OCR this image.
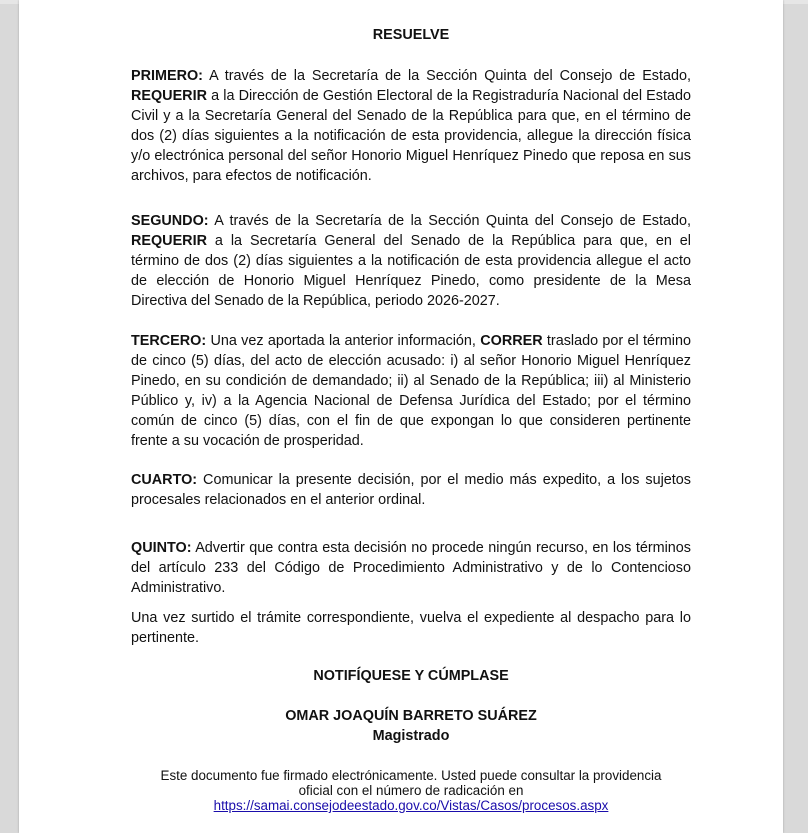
RESUELVE

PRIMERO: A través de la Secretaría de la Sección Quinta del Consejo de Estado, REQUERIR a la Dirección de Gestión Electoral de la Registraduría Nacional del Estado Civil y a la Secretaría General del Senado de la República para que, en el término de dos (2) días siguientes a la notificación de esta providencia, allegue la dirección física y/o electrónica personal del señor Honorio Miguel Henríquez Pinedo que reposa en sus archivos, para efectos de notificación.

SEGUNDO: A través de la Secretaría de la Sección Quinta del Consejo de Estado, REQUERIR a la Secretaría General del Senado de la República para que, en el término de dos (2) días siguientes a la notificación de esta providencia allegue el acto de elección de Honorio Miguel Henríquez Pinedo, como presidente de la Mesa Directiva del Senado de la República, periodo 2026-2027.

TERCERO: Una vez aportada la anterior información, CORRER traslado por el término de cinco (5) días, del acto de elección acusado: i) al señor Honorio Miguel Henríquez Pinedo, en su condición de demandado; ii) al Senado de la República; iii) al Ministerio Público y, iv) a la Agencia Nacional de Defensa Jurídica del Estado; por el término común de cinco (5) días, con el fin de que expongan lo que consideren pertinente frente a su vocación de prosperidad.

CUARTO: Comunicar la presente decisión, por el medio más expedito, a los sujetos procesales relacionados en el anterior ordinal.

QUINTO: Advertir que contra esta decisión no procede ningún recurso, en los términos del artículo 233 del Código de Procedimiento Administrativo y de lo Contencioso Administrativo.

Una vez surtido el trámite correspondiente, vuelva el expediente al despacho para lo pertinente.

NOTIFÍQUESE Y CÚMPLASE
OMAR JOAQUÍN BARRETO SUÁREZ
Magistrado
Este documento fue firmado electrónicamente. Usted puede consultar la providencia
oficial con el número de radicación en
https://samai.consejodeestado.gov.co/Vistas/Casos/procesos.aspx
